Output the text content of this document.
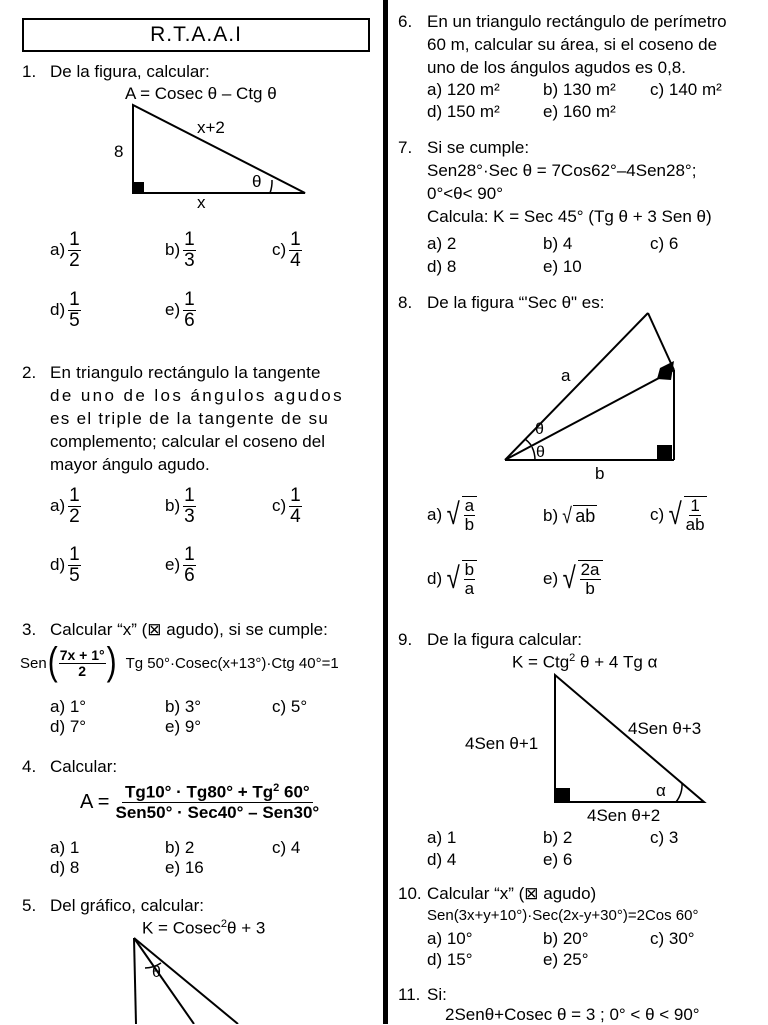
R.T.A.A.I
1. De la figura, calcular:
A = Cosec θ – Ctg θ
8
x+2
x
θ
$a) \frac{1}{2}$	$b) \frac{1}{3}$	$c) \frac{1}{4}$
$d) \frac{1}{5}$	$e) \frac{1}{6}$
2. En triangulo rectángulo la tangente
de uno de los ángulos agudos
es el triple de la tangente de su
complemento; calcular el coseno del
mayor ángulo agudo.
$a) \frac{1}{2}$	$b) \frac{1}{3}$	$c) \frac{1}{4}$
$d) \frac{1}{5}$	$e) \frac{1}{6}$
3. Calcular “x” (⊠ agudo), si se cumple:
Sen ( $\frac{7x + 1^\circ}{2}$ ) Tg 50°·Cosec(x+13°)·Ctg 40°=1
a) 1°	b) 3°	c) 5°
d) 7°	e) 9°
4. Calcular:
$A = Tg10^\circ \cdot Tg80^\circ + Tg^2$ 60°
Sen50° · Sec40° – Sen30°
a) 1	b) 2	c) 4
d) 8	e) 16
5. Del gráfico, calcular:
K = Cosec$^2$θ + 3
θ
6. En un triangulo rectángulo de perímetro
60 m, calcular su área, si el coseno de
uno de los ángulos agudos es 0,8.
a) 120 m²	b) 130 m² c) 140 m²
d) 150 m²	e) 160 m²
7. Si se cumple:
Sen28°·Sec θ = 7Cos62°–4Sen28°;
0°<θ< 90°
Calcula: K = Sec 45° (Tg θ + 3 Sen θ)
a) 2	b) 4	c) 6
d) 8	e) 10
8. De la figura “'Sec θ" es:
θ
θ
a
b
a) √ $\frac{a}{b}$	b) √ ab	c) √ $\frac{1}{ab}$
d) √ $\frac{b}{a}$	e) √ $\frac{2a}{b}$
9. De la figura calcular:
K = Ctg$^2$ θ + 4 Tg α
4Sen θ+1
4Sen θ+3
4Sen θ+2
α
a) 1	b) 2	c) 3
d) 4	e) 6
10. Calcular “x” (⊠ agudo)
Sen(3x+y+10°)·Sec(2x-y+30°)=2Cos 60°
a) 10°	b) 20°	c) 30°
d) 15°	e) 25°
11. Si:
2Senθ+Cosec θ = 3 ; 0° < θ < 90°
